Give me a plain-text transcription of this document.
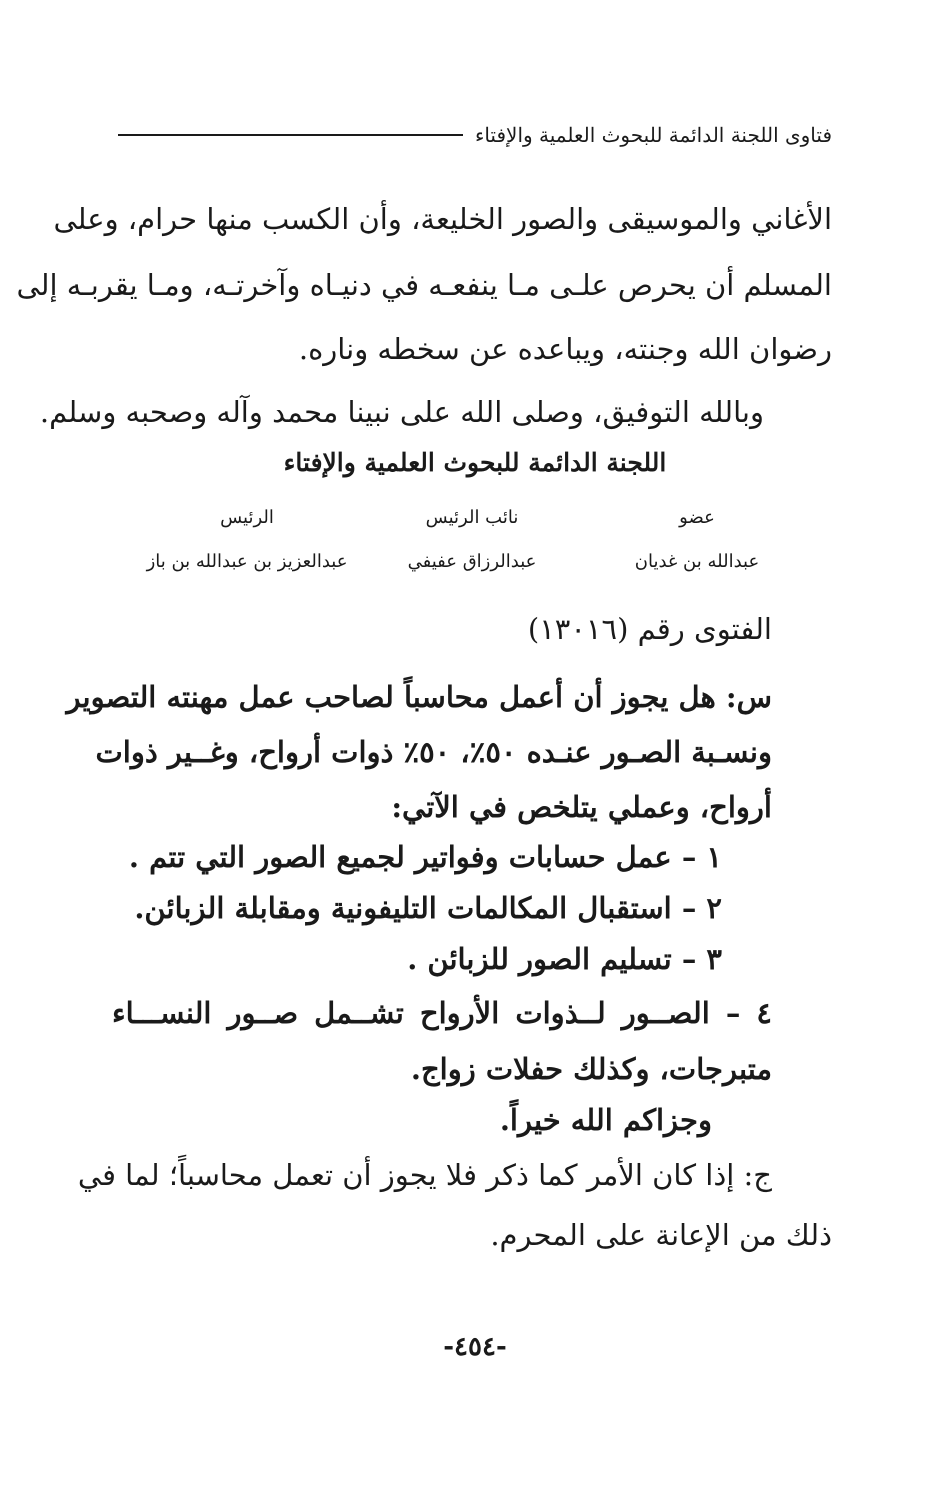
فتاوى اللجنة الدائمة للبحوث العلمية والإفتاء
الأغاني والموسيقى والصور الخليعة، وأن الكسب منها حرام، وعلى
المسلم أن يحرص علـى مـا ينفعـه في دنيـاه وآخرتـه، ومـا يقربـه إلى
رضوان الله وجنته، ويباعده عن سخطه وناره.
وبالله التوفيق، وصلى الله على نبينا محمد وآله وصحبه وسلم.
اللجنة الدائمة للبحوث العلمية والإفتاء
عضو
عبدالله بن غديان
نائب الرئيس
عبدالرزاق عفيفي
الرئيس
عبدالعزيز بن عبدالله بن باز
الفتوى رقم (١٣٠١٦)
س: هل يجوز أن أعمل محاسباً لصاحب عمل مهنته التصوير
ونسـبة الصـور عنـده ٥٠٪، ٥٠٪ ذوات أرواح، وغــير ذوات
أرواح، وعملي يتلخص في الآتي:
١ – عمل حسابات وفواتير لجميع الصور التي تتم .
٢ – استقبال المكالمات التليفونية ومقابلة الزبائن.
٣ – تسليم الصور للزبائن .
٤ – الصــور لــذوات الأرواح تشــمل صــور النســـاء
متبرجات، وكذلك حفلات زواج.
وجزاكم الله خيراً.
ج: إذا كان الأمر كما ذكر فلا يجوز أن تعمل محاسباً؛ لما في
ذلك من الإعانة على المحرم.
-٤٥٤-
